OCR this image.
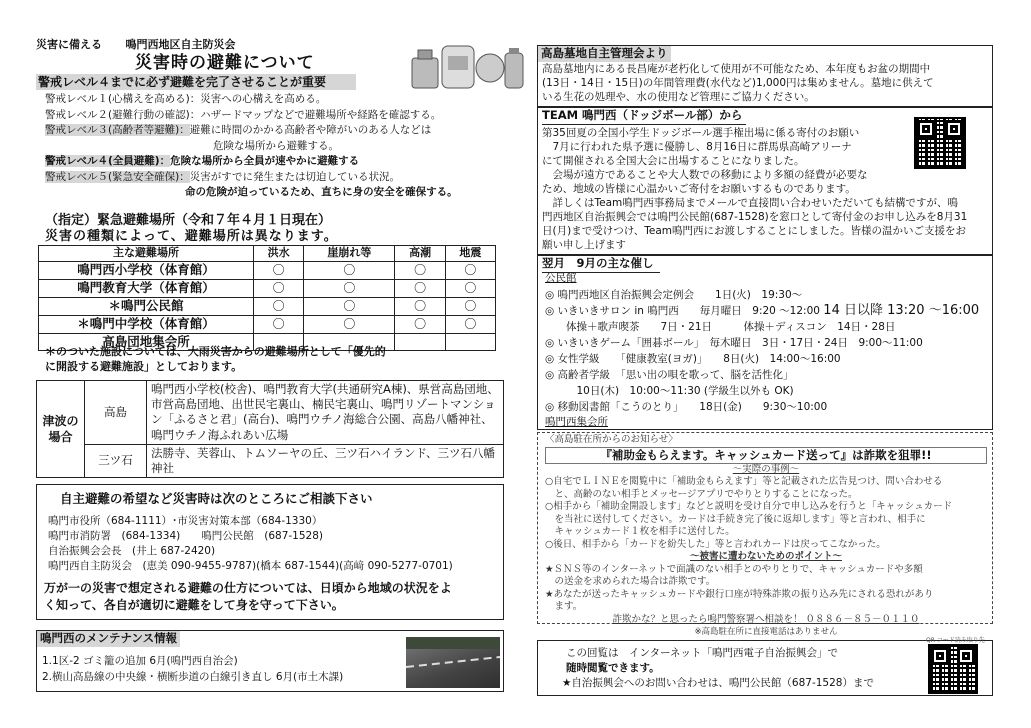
災害に備える 鳴門西地区自主防災会
災害時の避難について
警戒レベル４までに必ず避難を完了させることが重要
警戒レベル１(心構えを高める)：災害への心構えを高める。
警戒レベル２(避難行動の確認)：ハザードマップなどで避難場所や経路を確認する。
警戒レベル３(高齢者等避難)：避難に時間のかかる高齢者や障がいのある人などは
危険な場所から避難する。
警戒レベル４(全員避難)：危険な場所から全員が速やかに避難する
警戒レベル５(緊急安全確保)：災害がすでに発生または切迫している状況。
命の危険が迫っているため、直ちに身の安全を確保する。
（指定）緊急避難場所（令和７年４月１日現在）
災害の種類によって、避難場所は異なります。
主な避難場所	洪水	崖崩れ等	高潮	地震
鳴門西小学校（体育館）	〇	〇	〇	〇
鳴門教育大学（体育館）	〇	〇	〇	〇
＊鳴門公民館	〇	〇	〇	〇
＊鳴門中学校（体育館）	〇	〇	〇	〇
高島団地集会所				
＊のついた施設については、大雨災害からの避難場所として「優先的
に開設する避難施設」としております。
津波の場合	高島	鳴門西小学校(校舎)、鳴門教育大学(共通研究A棟)、県営高島団地、市営高島団地、出世民宅裏山、楠民宅裏山、鳴門リゾートマンション「ふるさと君」(高台)、鳴門ウチノ海総合公園、高島八幡神社、鳴門ウチノ海ふれあい広場
	三ツ石	法勝寺、芙蓉山、トムソーヤの丘、三ツ石ハイランド、三ツ石八幡神社
自主避難の希望など災害時は次のところにご相談下さい
鳴門市役所（684-1111）･市災害対策本部（684-1330）
鳴門市消防署　(684-1334)　　鳴門公民館　(687-1528)
自治振興会会長　(井上 687-2420)
鳴門西自主防災会　(恵美 090-9455-9787)(橋本 687-1544)(高﨑 090-5277-0701)
万が一の災害で想定される避難の仕方については、日頃から地域の状況をよ
く知って、各自が適切に避難をして身を守って下さい。
鳴門西のメンテナンス情報
1.1区-2 ゴミ籠の追加 6月(鳴門西自治会)
2.横山高島線の中央線・横断歩道の白線引き直し 6月(市土木課)
高島墓地自主管理会より
高島墓地内にある長昌庵が老朽化して使用が不可能なため、本年度もお盆の期間中
(13日・14日・15日)の年間管理費(水代など)1,000円は集めません。墓地に供えて
いる生花の処理や、水の使用など管理にご協力ください。
TEAM 鳴門西（ドッジボール部）から
第35回夏の全国小学生ドッジボール選手権出場に係る寄付のお願い
　7月に行われた県予選に優勝し、8月16日に群馬県高崎アリーナ
にて開催される全国大会に出場することになりました。
　会場が遠方であることや大人数での移動により多額の経費が必要な
ため、地域の皆様に心温かいご寄付をお願いするものであります。
　詳しくはTeam鳴門西事務局までメールで直接問い合わせいただいても結構ですが、鳴
門西地区自治振興会では鳴門公民館(687-1528)を窓口として寄付金のお申し込みを8月31
日(月)まで受けつけ、Team鳴門西にお渡しすることにしました。皆様の温かいご支援をお
願い申し上げます
翌月　9月の主な催し
公民館
◎ 鳴門西地区自治振興会定例会　　1日(火)　19:30～
◎ いきいきサロン in 鳴門西　　毎月曜日　9:20 ～12:00 14 日以降 13:20 ～16:00
　　体操＋歌声喫茶　　7日・21日　　　体操＋ディスコン　14日・28日
◎ いきいきゲーム「囲碁ボール」　毎木曜日　3日・17日・24日　9:00～11:00
◎ 女性学級　　「健康教室(ヨガ)」　　8日(火)　14:00～16:00
◎ 高齢者学級　「思い出の唄を歌って、脳を活性化」
　　　10日(木)　10:00～11:30 (学級生以外も OK)
◎ 移動図書館「こうのとり」　　18日(金)　　9:30～10:00
鳴門西集会所

〈高島駐在所からのお知らせ〉

『補助金もらえます。キャッシュカード送って』は詐欺を狙罪!!

～実際の事例～

○自宅でＬＩＮＥを閲覧中に「補助金もらえます」等と記載された広告見つけ、問い合わせる

　と、高齢のない相手とメッセージアプリでやりとりすることになった。

○相手から「補助金開設します」などと説明を受け自分で申し込みを行うと「キャッシュカード

　を当社に送付してください。カードは手続き完了後に返却します」等と言われ、相手に

　キャッシュカード１枚を相手に送付した。

○後日、相手から「カードを紛失した」等と言われカードは戻ってこなかった。

～被害に遭わないためのポイント～

★ＳＮＳ等のインターネットで面識のない相手とのやりとりで、キャッシュカードや多額

　の送金を求められた場合は詐欺です。

★あなたが送ったキャッシュカードや銀行口座が特殊詐欺の振り込み先にされる恐れがあり

　ます。

詐欺かな？と思ったら鳴門警察署へ相談を！ ０８８６－８５－０１１０

※高島駐在所に直接電話はありません

この回覧は　インターネット「鳴門西電子自治振興会」で
随時閲覧できます。
★自治振興会へのお問い合わせは、鳴門公民館（687-1528）まで
QR コード読み取り先
